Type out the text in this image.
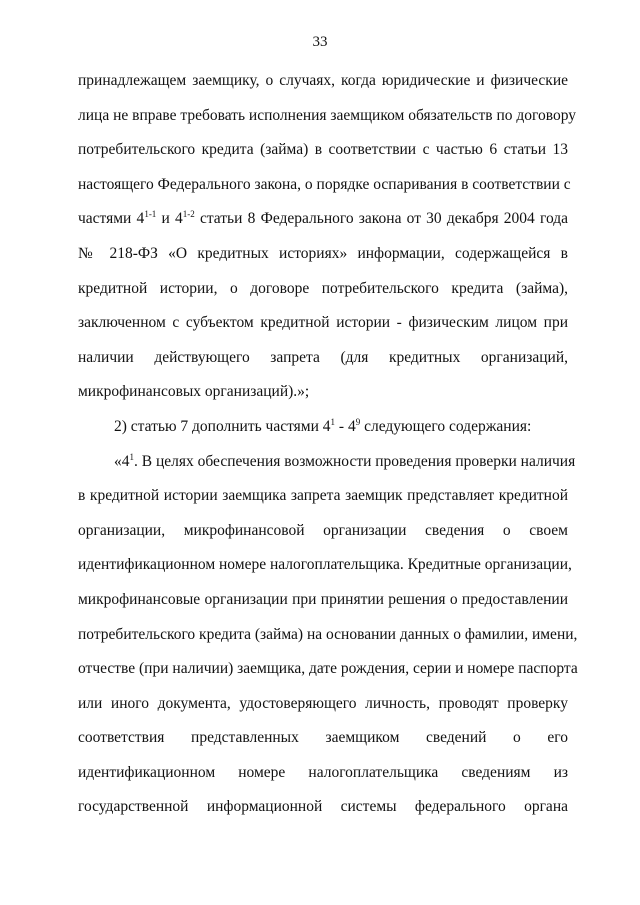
33
принадлежащем заемщику, о случаях, когда юридические и физические
лица не вправе требовать исполнения заемщиком обязательств по договору
потребительского кредита (займа) в соответствии с частью 6 статьи 13
настоящего Федерального закона, о порядке оспаривания в соответствии с
частями 4$^{1-1}$ и 4$^{1-2}$ статьи 8 Федерального закона от 30 декабря 2004 года
№ 218-ФЗ «О кредитных историях» информации, содержащейся в
кредитной истории, о договоре потребительского кредита (займа),
заключенном с субъектом кредитной истории - физическим лицом при
наличии действующего запрета (для кредитных организаций,
микрофинансовых организаций).»;
2) статью 7 дополнить частями $4^1 - 4^9$ следующего содержания:
«$4^1$. В целях обеспечения возможности проведения проверки наличия
в кредитной истории заемщика запрета заемщик представляет кредитной
организации, микрофинансовой организации сведения о своем
идентификационном номере налогоплательщика. Кредитные организации,
микрофинансовые организации при принятии решения о предоставлении
потребительского кредита (займа) на основании данных о фамилии, имени,
отчестве (при наличии) заемщика, дате рождения, серии и номере паспорта
или иного документа, удостоверяющего личность, проводят проверку
соответствия представленных заемщиком сведений о его
идентификационном номере налогоплательщика сведениям из
государственной информационной системы федерального органа
